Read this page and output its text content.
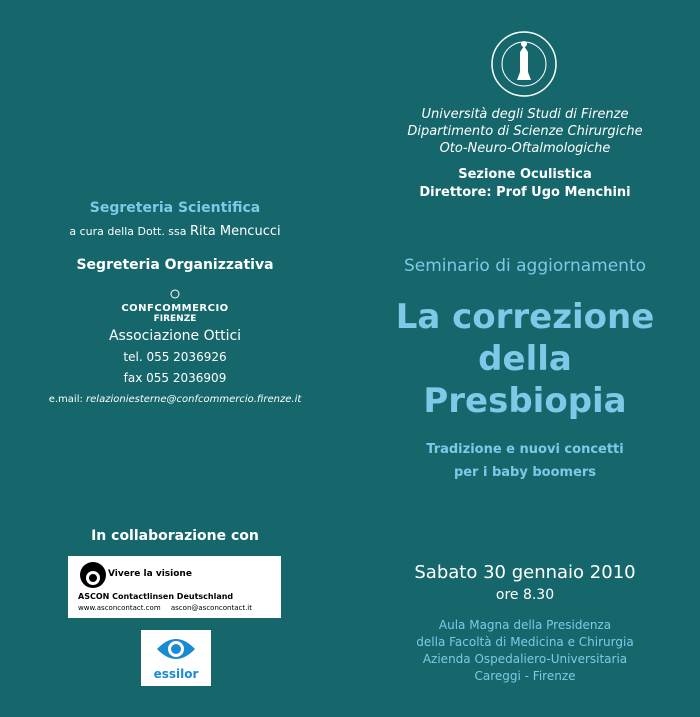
Università degli Studi di Firenze
Dipartimento di Scienze Chirurgiche
Oto-Neuro-Oftalmologiche
Sezione Oculistica
Direttore: Prof Ugo Menchini
Seminario di aggiornamento
La correzione
della
Presbiopia
Tradizione e nuovi concetti
per i baby boomers
Sabato 30 gennaio 2010
ore 8.30
Aula Magna della Presidenza
della Facoltà di Medicina e Chirurgia
Azienda Ospedaliero-Universitaria
Careggi - Firenze
Segreteria Scientifica
a cura della Dott. ssa Rita Mencucci
Segreteria Organizzativa
CONFCOMMERCIO
FIRENZE
Associazione Ottici
tel. 055 2036926
fax 055 2036909
e.mail: relazioniesterne@confcommercio.firenze.it
In collaborazione con
Vivere la visione
ASCON Contactlinsen Deutschland
www.asconcontact.com ascon@asconcontact.it
essilor
